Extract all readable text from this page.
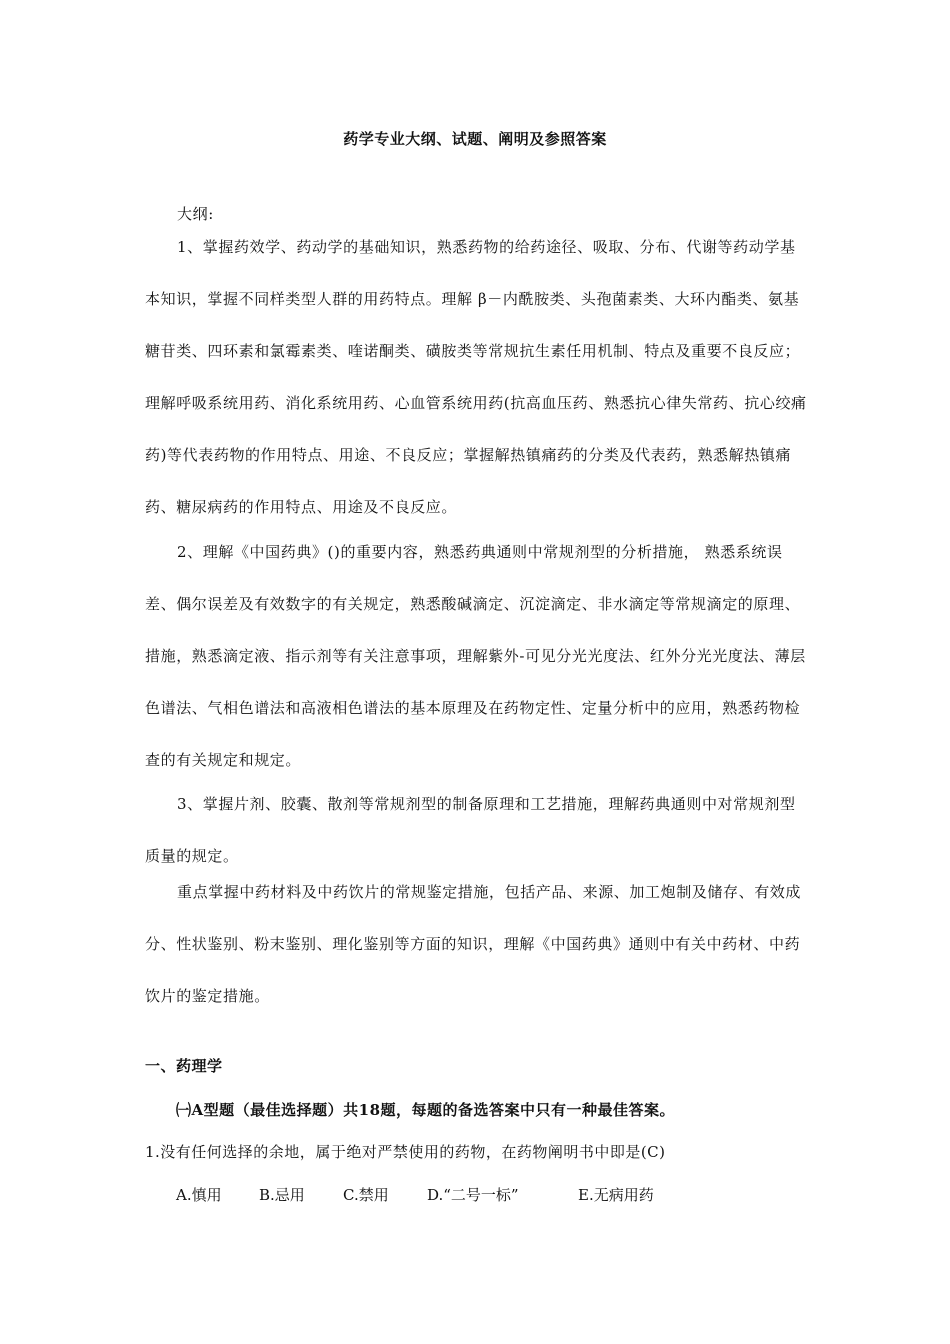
药学专业大纲、试题、阐明及参照答案
大纲:
1、掌握药效学、药动学的基础知识，熟悉药物的给药途径、吸取、分布、代谢等药动学基本知识，掌握不同样类型人群的用药特点。理解 β－内酰胺类、头孢菌素类、大环内酯类、氨基糖苷类、四环素和氯霉素类、喹诺酮类、磺胺类等常规抗生素任用机制、特点及重要不良反应；理解呼吸系统用药、消化系统用药、心血管系统用药(抗高血压药、熟悉抗心律失常药、抗心绞痛药)等代表药物的作用特点、用途、不良反应；掌握解热镇痛药的分类及代表药，熟悉解热镇痛药、糖尿病药的作用特点、用途及不良反应。
2、理解《中国药典》()的重要内容，熟悉药典通则中常规剂型的分析措施， 熟悉系统误差、偶尔误差及有效数字的有关规定，熟悉酸碱滴定、沉淀滴定、非水滴定等常规滴定的原理、措施，熟悉滴定液、指示剂等有关注意事项，理解紫外-可见分光光度法、红外分光光度法、薄层色谱法、气相色谱法和高液相色谱法的基本原理及在药物定性、定量分析中的应用，熟悉药物检查的有关规定和规定。
3、掌握片剂、胶囊、散剂等常规剂型的制备原理和工艺措施，理解药典通则中对常规剂型质量的规定。
重点掌握中药材料及中药饮片的常规鉴定措施，包括产品、来源、加工炮制及储存、有效成分、性状鉴别、粉末鉴别、理化鉴别等方面的知识，理解《中国药典》通则中有关中药材、中药饮片的鉴定措施。
一、药理学
㈠A型题（最佳选择题）共18题，每题的备选答案中只有一种最佳答案。
1.没有任何选择的余地，属于绝对严禁使用的药物，在药物阐明书中即是(C)
A.慎用 B.忌用	C.禁用	D.“二号一标”	E.无病用药
